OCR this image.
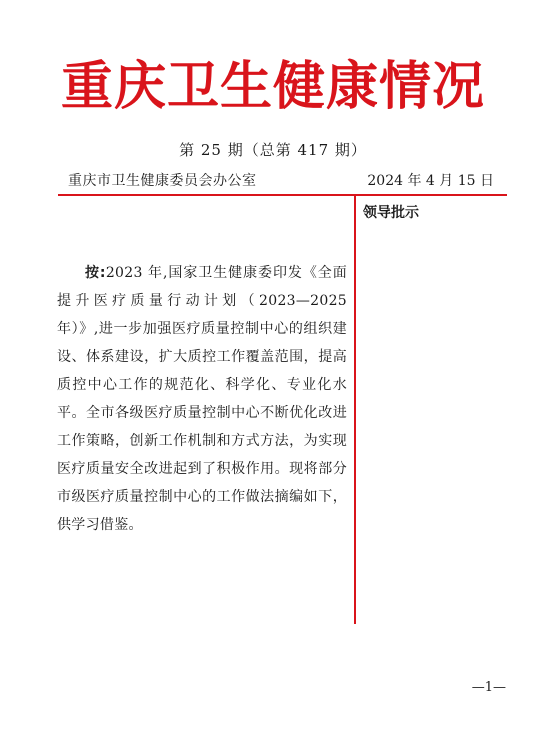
重庆卫生健康情况
第 25 期（总第 417 期）
重庆市卫生健康委员会办公室	2024 年 4 月 15 日
领导批示
按:2023 年,国家卫生健康委印发《全面提升医疗质量行动计划（2023—2025 年）》,进一步加强医疗质量控制中心的组织建设、体系建设，扩大质控工作覆盖范围，提高质控中心工作的规范化、科学化、专业化水平。全市各级医疗质量控制中心不断优化改进工作策略，创新工作机制和方式方法，为实现医疗质量安全改进起到了积极作用。现将部分市级医疗质量控制中心的工作做法摘编如下，供学习借鉴。
—1—
